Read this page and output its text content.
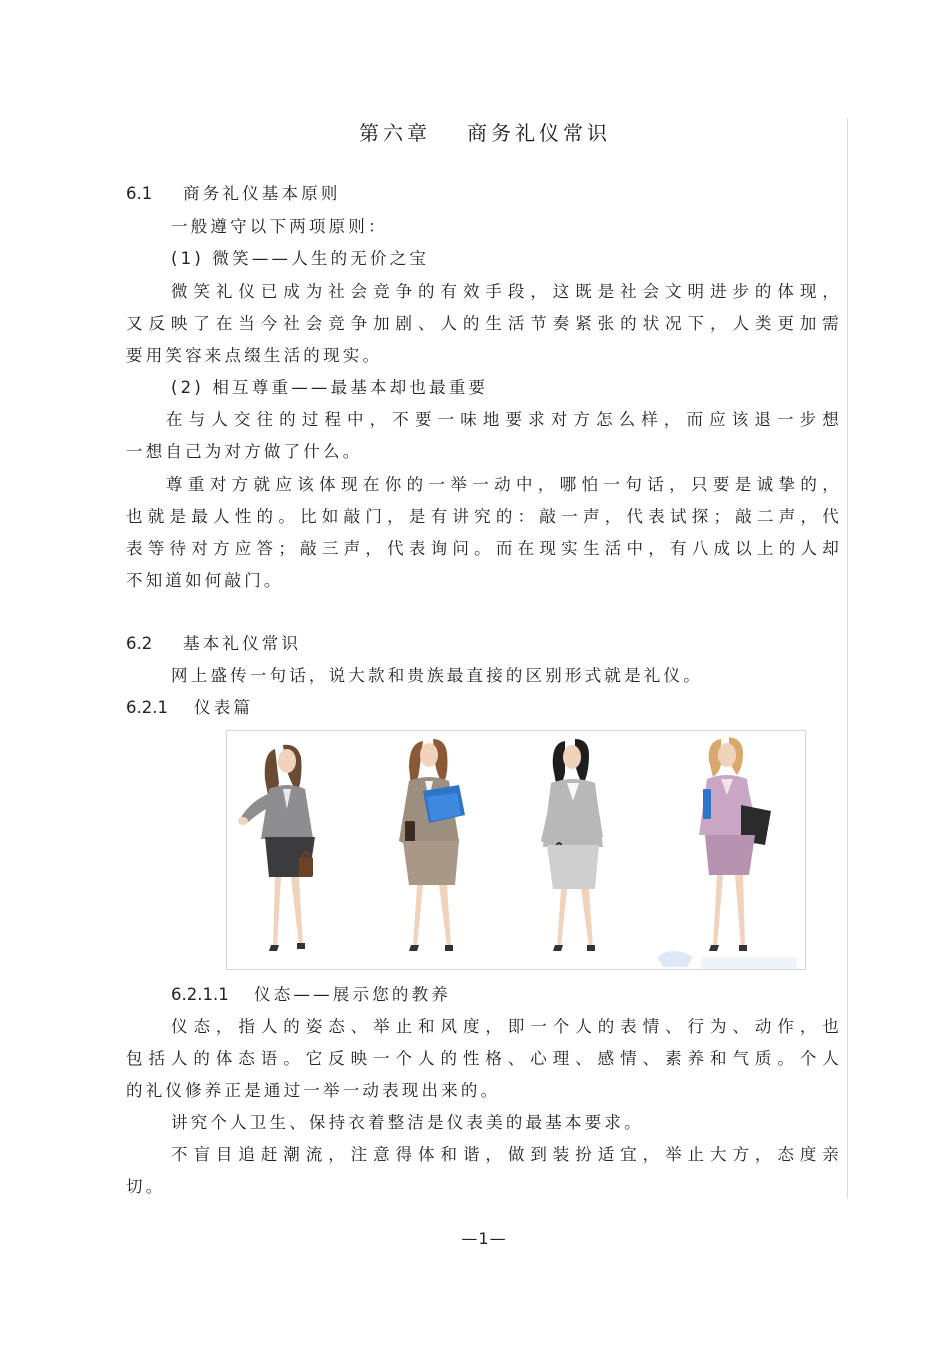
第六章 商务礼仪常识
6.1 商务礼仪基本原则
一般遵守以下两项原则：
(1) 微笑——人生的无价之宝
微笑礼仪已成为社会竞争的有效手段，这既是社会文明进步的体现，
又反映了在当今社会竞争加剧、人的生活节奏紧张的状况下，人类更加需
要用笑容来点缀生活的现实。
(2) 相互尊重——最基本却也最重要
在与人交往的过程中，不要一味地要求对方怎么样，而应该退一步想
一想自己为对方做了什么。
尊重对方就应该体现在你的一举一动中，哪怕一句话，只要是诚挚的，
也就是最人性的。比如敲门，是有讲究的：敲一声，代表试探；敲二声，代
表等待对方应答；敲三声，代表询问。而在现实生活中，有八成以上的人却
不知道如何敲门。
6.2 基本礼仪常识
网上盛传一句话，说大款和贵族最直接的区别形式就是礼仪。
6.2.1 仪表篇
6.2.1.1 仪态——展示您的教养
仪态，指人的姿态、举止和风度，即一个人的表情、行为、动作，也
包括人的体态语。它反映一个人的性格、心理、感情、素养和气质。个人
的礼仪修养正是通过一举一动表现出来的。
讲究个人卫生、保持衣着整洁是仪表美的最基本要求。
不盲目追赶潮流，注意得体和谐，做到装扮适宜，举止大方，态度亲
切。
—1—
